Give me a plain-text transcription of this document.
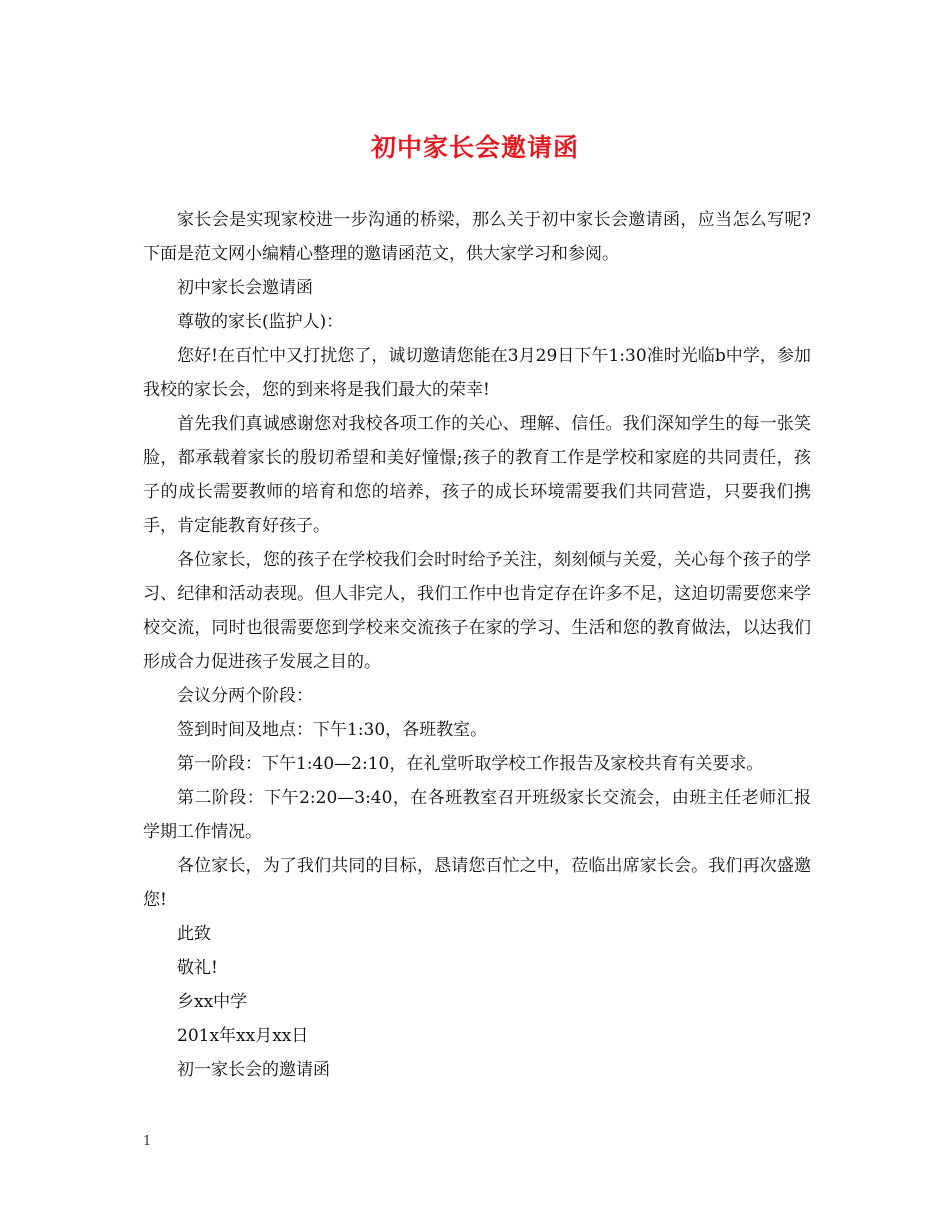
初中家长会邀请函

家长会是实现家校进一步沟通的桥梁，那么关于初中家长会邀请函，应当怎么写呢?下面是范文网小编精心整理的邀请函范文，供大家学习和参阅。

初中家长会邀请函

尊敬的家长(监护人)：

您好!在百忙中又打扰您了，诚切邀请您能在3月29日下午1:30准时光临b中学，参加我校的家长会，您的到来将是我们最大的荣幸!

首先我们真诚感谢您对我校各项工作的关心、理解、信任。我们深知学生的每一张笑脸，都承载着家长的殷切希望和美好憧憬;孩子的教育工作是学校和家庭的共同责任，孩子的成长需要教师的培育和您的培养，孩子的成长环境需要我们共同营造，只要我们携手，肯定能教育好孩子。

各位家长，您的孩子在学校我们会时时给予关注，刻刻倾与关爱，关心每个孩子的学习、纪律和活动表现。但人非完人，我们工作中也肯定存在许多不足，这迫切需要您来学校交流，同时也很需要您到学校来交流孩子在家的学习、生活和您的教育做法，以达我们形成合力促进孩子发展之目的。

会议分两个阶段：

签到时间及地点：下午1:30，各班教室。

第一阶段：下午1:40—2:10，在礼堂听取学校工作报告及家校共育有关要求。

第二阶段：下午2:20—3:40，在各班教室召开班级家长交流会，由班主任老师汇报学期工作情况。

各位家长，为了我们共同的目标，恳请您百忙之中，莅临出席家长会。我们再次盛邀您!

此致

敬礼!

乡xx中学

201x年xx月xx日

初一家长会的邀请函

1
